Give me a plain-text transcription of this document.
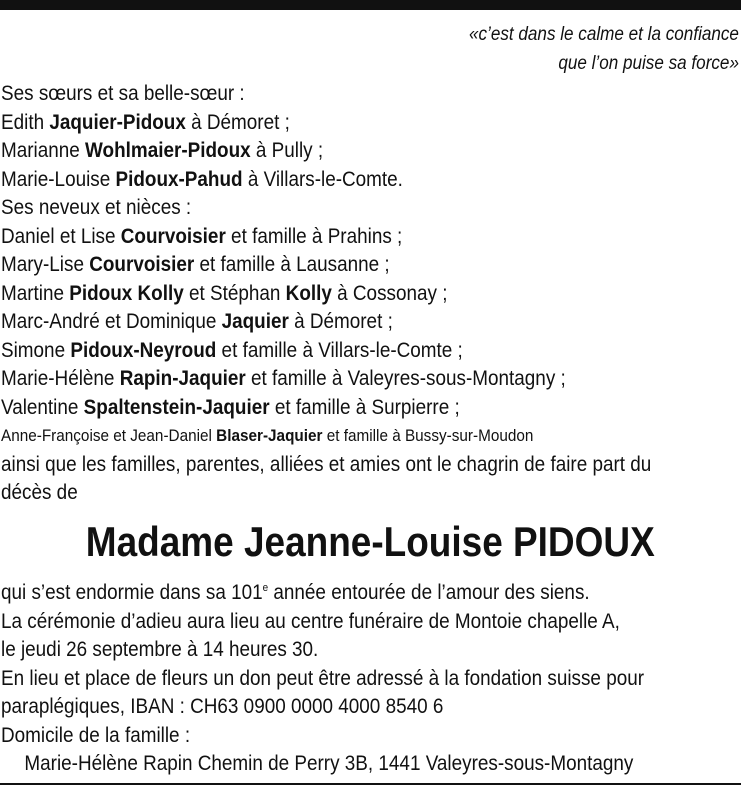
«c’est dans le calme et la confiance
que l’on puise sa force»
Ses sœurs et sa belle-sœur :
Edith Jaquier-Pidoux à Démoret ;
Marianne Wohlmaier-Pidoux à Pully ;
Marie-Louise Pidoux-Pahud à Villars-le-Comte.
Ses neveux et nièces :
Daniel et Lise Courvoisier et famille à Prahins ;
Mary-Lise Courvoisier et famille à Lausanne ;
Martine Pidoux Kolly et Stéphan Kolly à Cossonay ;
Marc-André et Dominique Jaquier à Démoret ;
Simone Pidoux-Neyroud et famille à Villars-le-Comte ;
Marie-Hélène Rapin-Jaquier et famille à Valeyres-sous-Montagny ;
Valentine Spaltenstein-Jaquier et famille à Surpierre ;
Anne-Françoise et Jean-Daniel Blaser-Jaquier et famille à Bussy-sur-Moudon
ainsi que les familles, parentes, alliées et amies ont le chagrin de faire part du
décès de
Madame Jeanne-Louise PIDOUX
qui s’est endormie dans sa 101e année entourée de l’amour des siens.
La cérémonie d’adieu aura lieu au centre funéraire de Montoie chapelle A,
le jeudi 26 septembre à 14 heures 30.
En lieu et place de fleurs un don peut être adressé à la fondation suisse pour
paraplégiques, IBAN : CH63 0900 0000 4000 8540 6
Domicile de la famille :
Marie-Hélène Rapin Chemin de Perry 3B, 1441 Valeyres-sous-Montagny
